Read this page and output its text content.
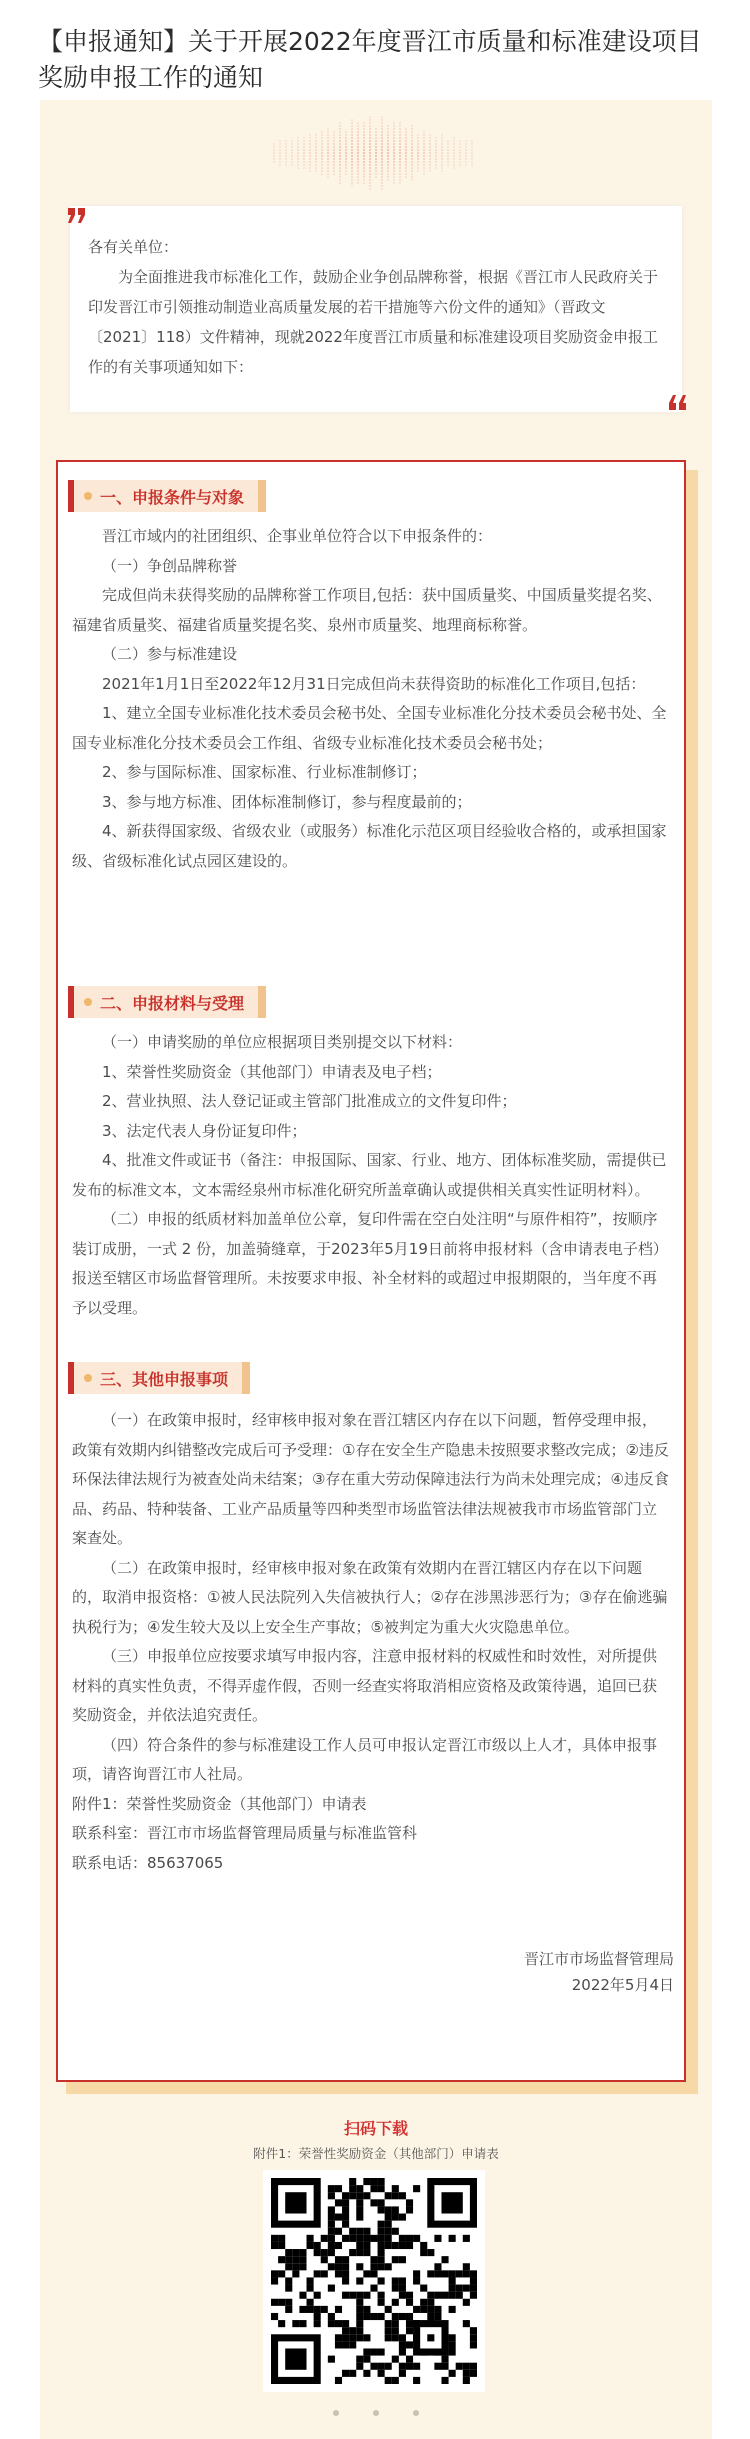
【申报通知】关于开展2022年度晋江市质量和标准建设项目奖励申报工作的通知

各有关单位：

为全面推进我市标准化工作，鼓励企业争创品牌称誉，根据《晋江市人民政府关于印发晋江市引领推动制造业高质量发展的若干措施等六份文件的通知》（晋政文〔2021〕118）文件精神，现就2022年度晋江市质量和标准建设项目奖励资金申报工作的有关事项通知如下：

一、申报条件与对象

晋江市域内的社团组织、企事业单位符合以下申报条件的：

（一）争创品牌称誉

完成但尚未获得奖励的品牌称誉工作项目,包括：获中国质量奖、中国质量奖提名奖、福建省质量奖、福建省质量奖提名奖、泉州市质量奖、地理商标称誉。

（二）参与标准建设

2021年1月1日至2022年12月31日完成但尚未获得资助的标准化工作项目,包括：

1、建立全国专业标准化技术委员会秘书处、全国专业标准化分技术委员会秘书处、全国专业标准化分技术委员会工作组、省级专业标准化技术委员会秘书处；

2、参与国际标准、国家标准、行业标准制修订；

3、参与地方标准、团体标准制修订，参与程度最前的；

4、新获得国家级、省级农业（或服务）标准化示范区项目经验收合格的，或承担国家级、省级标准化试点园区建设的。

二、申报材料与受理

（一）申请奖励的单位应根据项目类别提交以下材料：

1、荣誉性奖励资金（其他部门）申请表及电子档；

2、营业执照、法人登记证或主管部门批准成立的文件复印件；

3、法定代表人身份证复印件；

4、批准文件或证书（备注：申报国际、国家、行业、地方、团体标准奖励，需提供已发布的标准文本，文本需经泉州市标准化研究所盖章确认或提供相关真实性证明材料）。

（二）申报的纸质材料加盖单位公章，复印件需在空白处注明“与原件相符”，按顺序装订成册，一式 2 份，加盖骑缝章，于2023年5月19日前将申报材料（含申请表电子档）报送至辖区市场监督管理所。未按要求申报、补全材料的或超过申报期限的，当年度不再予以受理。

三、其他申报事项

（一）在政策申报时，经审核申报对象在晋江辖区内存在以下问题，暂停受理申报，政策有效期内纠错整改完成后可予受理：①存在安全生产隐患未按照要求整改完成；②违反环保法律法规行为被查处尚未结案；③存在重大劳动保障违法行为尚未处理完成；④违反食品、药品、特种装备、工业产品质量等四种类型市场监管法律法规被我市市场监管部门立案查处。

（二）在政策申报时，经审核申报对象在政策有效期内在晋江辖区内存在以下问题的，取消申报资格：①被人民法院列入失信被执行人；②存在涉黑涉恶行为；③存在偷逃骗执税行为；④发生较大及以上安全生产事故；⑤被判定为重大火灾隐患单位。

（三）申报单位应按要求填写申报内容，注意申报材料的权威性和时效性，对所提供材料的真实性负责，不得弄虚作假，否则一经查实将取消相应资格及政策待遇，追回已获奖励资金，并依法追究责任。

（四）符合条件的参与标准建设工作人员可申报认定晋江市级以上人才，具体申报事项，请咨询晋江市人社局。

附件1：荣誉性奖励资金（其他部门）申请表

联系科室：晋江市市场监督管理局质量与标准监管科

联系电话：85637065

晋江市市场监督管理局
2022年5月4日
扫码下载
附件1：荣誉性奖励资金（其他部门）申请表
